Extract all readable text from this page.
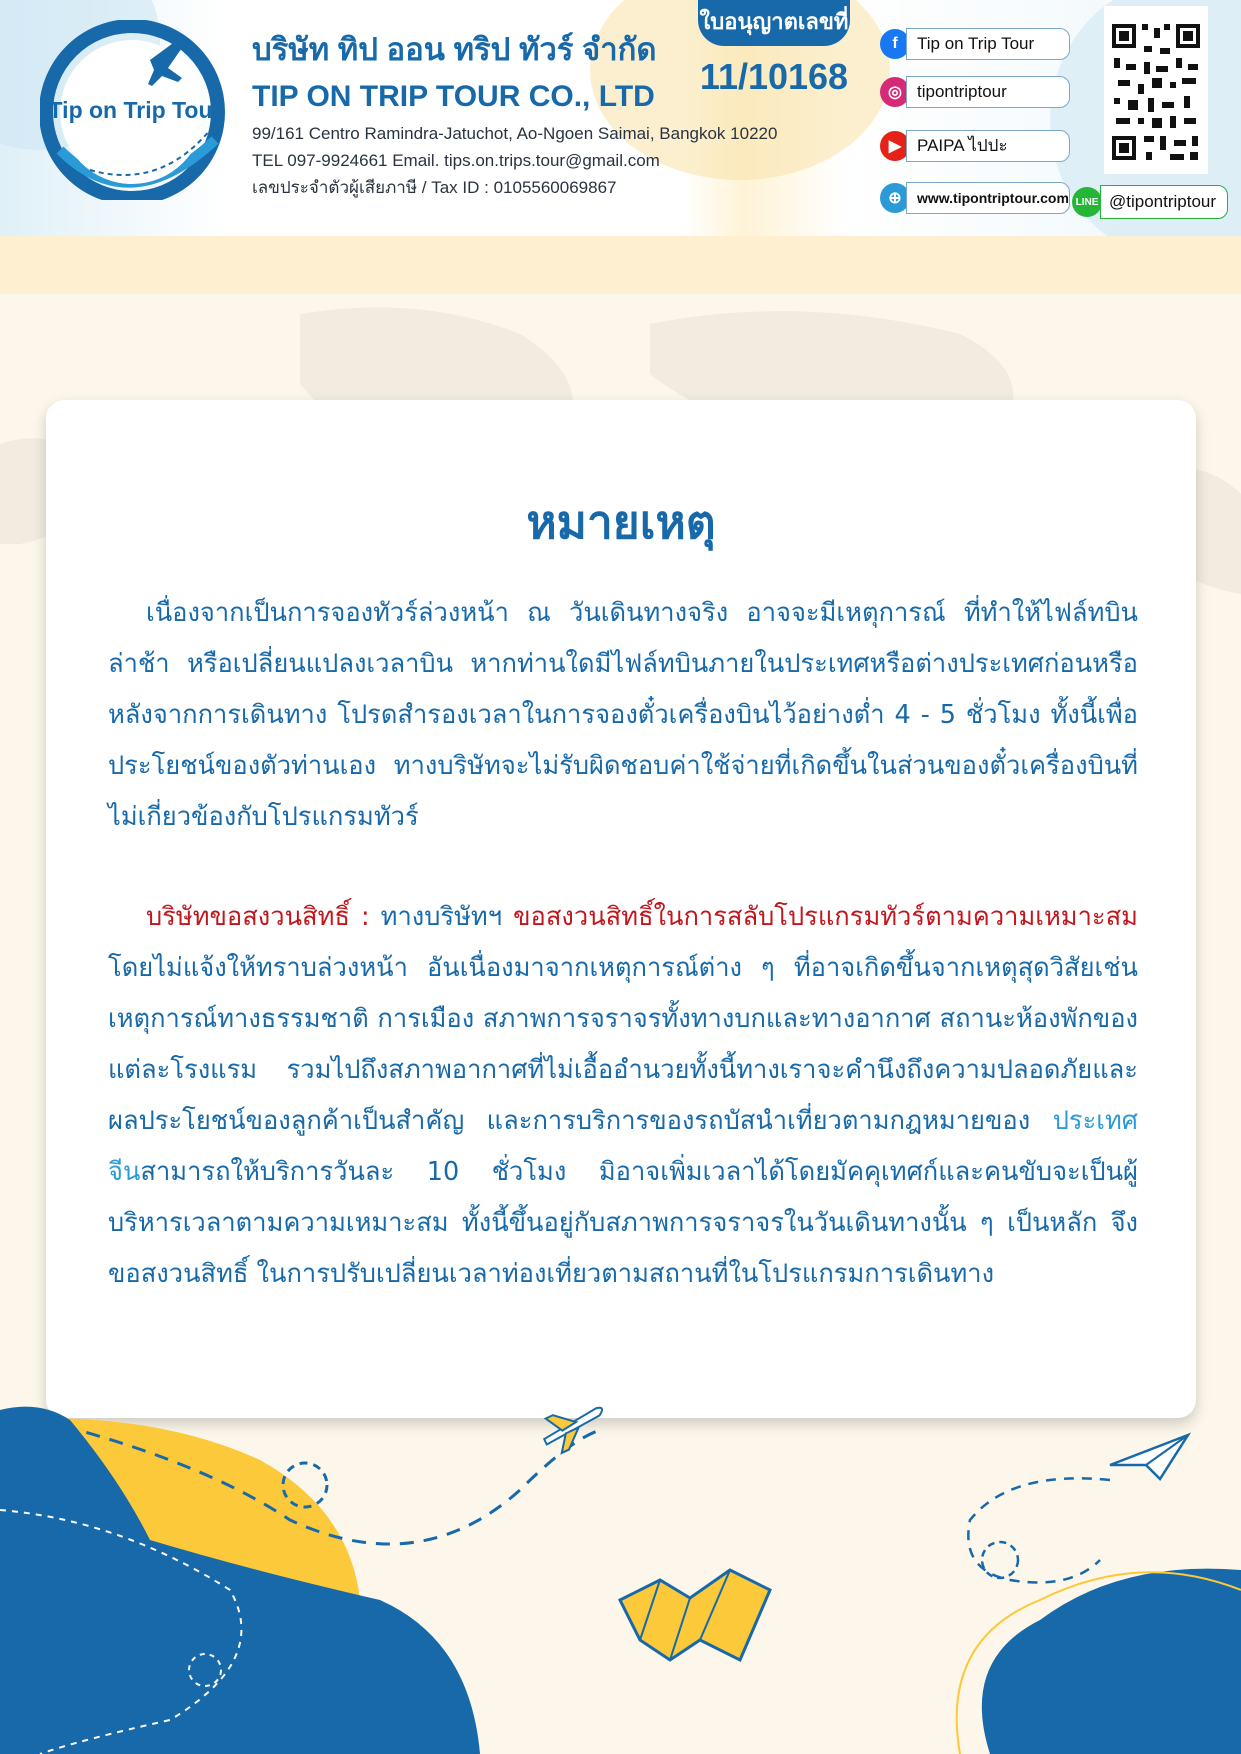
Tip on Trip Tour
บริษัท ทิป ออน ทริป ทัวร์ จำกัด
TIP ON TRIP TOUR CO., LTD
99/161 Centro Ramindra-Jatuchot, Ao-Ngoen Saimai, Bangkok 10220
TEL 097-9924661 Email. tips.on.trips.tour@gmail.com
เลขประจำตัวผู้เสียภาษี / Tax ID : 0105560069867
ใบอนุญาตเลขที่
11/10168
f	Tip on Trip Tour
◎ tipontriptour
▶ PAIPA ไปปะ
⊕	www.tipontriptour.com LINE @tipontriptour
หมายเหตุ
เนื่องจากเป็นการจองทัวร์ล่วงหน้า ณ วันเดินทางจริง อาจจะมีเหตุการณ์ ที่ทำให้ไฟล์ทบินล่าช้า หรือเปลี่ยนแปลงเวลาบิน หากท่านใดมีไฟล์ทบินภายในประเทศหรือต่างประเทศก่อนหรือหลังจากการเดินทาง โปรดสำรองเวลาในการจองตั๋วเครื่องบินไว้อย่างต่ำ 4 - 5 ชั่วโมง ทั้งนี้เพื่อประโยชน์ของตัวท่านเอง ทางบริษัทจะไม่รับผิดชอบค่าใช้จ่ายที่เกิดขึ้นในส่วนของตั๋วเครื่องบินที่ไม่เกี่ยวข้องกับโปรแกรมทัวร์
บริษัทขอสงวนสิทธิ์ : ทางบริษัทฯ ขอสงวนสิทธิ์ในการสลับโปรแกรมทัวร์ตามความเหมาะสม โดยไม่แจ้งให้ทราบล่วงหน้า อันเนื่องมาจากเหตุการณ์ต่าง ๆ ที่อาจเกิดขึ้นจากเหตุสุดวิสัยเช่น เหตุการณ์ทางธรรมชาติ การเมือง สภาพการจราจรทั้งทางบกและทางอากาศ สถานะห้องพักของแต่ละโรงแรม รวมไปถึงสภาพอากาศที่ไม่เอื้ออำนวยทั้งนี้ทางเราจะคำนึงถึงความปลอดภัยและผลประโยชน์ของลูกค้าเป็นสำคัญ และการบริการของรถบัสนำเที่ยวตามกฎหมายของ ประเทศจีนสามารถให้บริการวันละ 10 ชั่วโมง มิอาจเพิ่มเวลาได้โดยมัคคุเทศก์และคนขับจะเป็นผู้บริหารเวลาตามความเหมาะสม ทั้งนี้ขึ้นอยู่กับสภาพการจราจรในวันเดินทางนั้น ๆ เป็นหลัก จึงขอสงวนสิทธิ์ ในการปรับเปลี่ยนเวลาท่องเที่ยวตามสถานที่ในโปรแกรมการเดินทาง
